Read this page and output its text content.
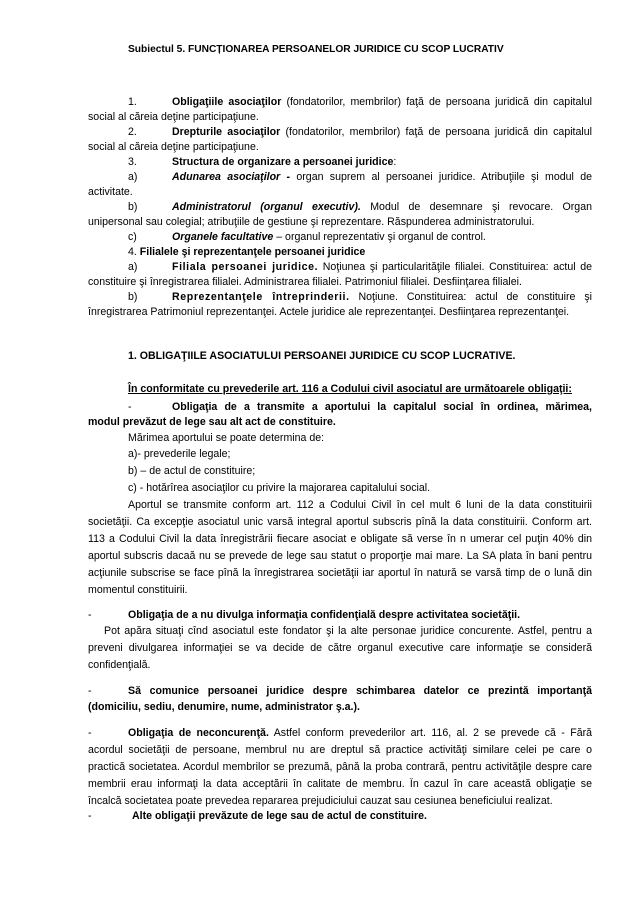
Subiectul 5. FUNCȚIONAREA PERSOANELOR JURIDICE CU SCOP LUCRATIV
1.	Obligaţiile asociaţilor (fondatorilor, membrilor) faţă de persoana juridică din capitalul
social al căreia deţine participaţiune.
2.	Drepturile asociaţilor (fondatorilor, membrilor) faţă de persoana juridică din capitalul
social al căreia deţine participaţiune.
3.	Structura de organizare a persoanei juridice:
a)	Adunarea asociaţilor - organ suprem al persoanei juridice. Atribuţiile şi modul de
activitate.
b)	Administratorul (organul executiv). Modul de desemnare şi revocare. Organ
unipersonal sau colegial; atribuţiile de gestiune şi reprezentare. Răspunderea administratorului.
c)	Organele facultative – organul reprezentativ şi organul de control.
4. Filialele şi reprezentanţele persoanei juridice
a)	Filiala persoanei juridice. Noţiunea şi particularităţile filialei. Constituirea: actul de
constituire şi înregistrarea filialei. Administrarea filialei. Patrimoniul filialei. Desfiinţarea filialei.
b)	Reprezentanţele întreprinderii. Noţiune. Constituirea: actul de constituire şi
înregistrarea Patrimoniul reprezentanţei. Actele juridice ale reprezentanţei. Desfiinţarea reprezentanţei.
1. OBLIGAŢIILE ASOCIATULUI PERSOANEI JURIDICE CU SCOP LUCRATIVE.
În conformitate cu prevederile art. 116 a Codului civil asociatul are următoarele obligaţii:
-	Obligaţia de a transmite a aportului la capitalul social în ordinea, mărimea,
modul prevăzut de lege sau alt act de constituire.
Mărimea aportului se poate determina de:
a)- prevederile legale;
b) – de actul de constituire;
c) - hotărîrea asociaţilor cu privire la majorarea capitalului social.
Aportul se transmite conform art. 112 a Codului Civil în cel mult 6 luni de la data constituirii
societăţii. Ca excepţie asociatul unic varsă integral aportul subscris pînă la data constituirii. Conform art.
113 a Codului Civil la data înregistrării fiecare asociat e obligate să verse în n umerar cel puţin 40% din
aportul subscris dacaă nu se prevede de lege sau statut o proporţie mai mare. La SA plata în bani pentru
acţiunile subscrise se face pînă la înregistrarea societăţii iar aportul în natură se varsă timp de o lună din
momentul constituirii.
-	Obligaţia de a nu divulga informaţia confidenţială despre activitatea societăţii.
Pot apăra situaţi cînd asociatul este fondator şi la alte personae juridice concurente. Astfel, pentru a
preveni divulgarea informaţiei se va decide de către organul executive care informaţie se consideră
confidenţială.
-	Să comunice persoanei juridice despre schimbarea datelor ce prezintă importanţă
(domiciliu, sediu, denumire, nume, administrator ş.a.).
-	Obligaţia de neconcurenţă. Astfel conform prevederilor art. 116, al. 2 se prevede că - Fără
acordul societăţii de persoane, membrul nu are dreptul să practice activităţi similare celei pe care o
practică societatea. Acordul membrilor se prezumă, până la proba contrară, pentru activităţile despre care
membrii erau informaţi la data acceptării în calitate de membru. În cazul în care această obligaţie se
încalcă societatea poate prevedea repararea prejudiciului cauzat sau cesiunea beneficiului realizat.
-	Alte obligaţii prevăzute de lege sau de actul de constituire.
